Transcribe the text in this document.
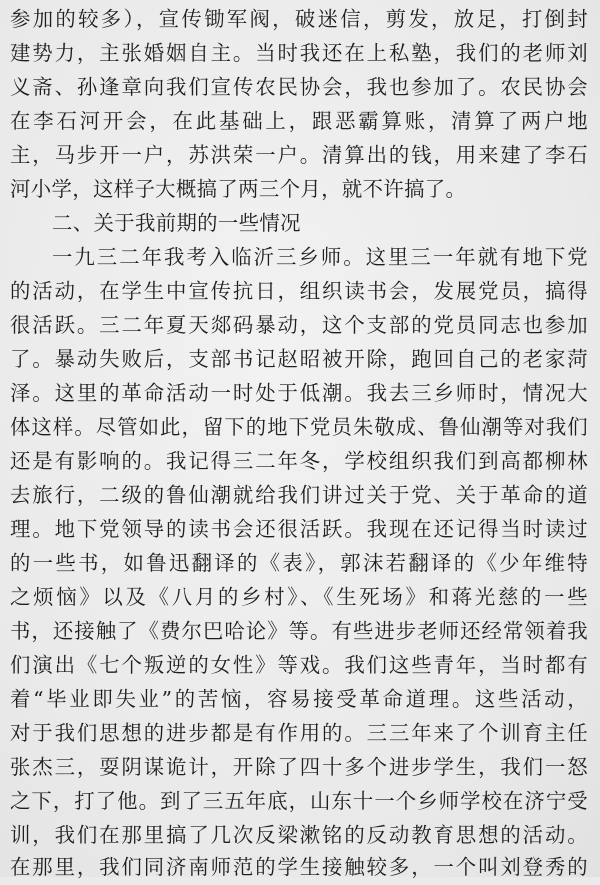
参加的较多），宣传锄军阀，破迷信，剪发，放足，打倒封
建势力，主张婚姻自主。当时我还在上私塾，我们的老师刘
义斋、孙逢章向我们宣传农民协会，我也参加了。农民协会
在李石河开会，在此基础上，跟恶霸算账，清算了两户地
主，马步开一户，苏洪荣一户。清算出的钱，用来建了李石
河小学，这样子大概搞了两三个月，就不许搞了。
二、关于我前期的一些情况
一九三二年我考入临沂三乡师。这里三一年就有地下党
的活动，在学生中宣传抗日，组织读书会，发展党员，搞得
很活跃。三二年夏天郯码暴动，这个支部的党员同志也参加
了。暴动失败后，支部书记赵昭被开除，跑回自己的老家菏
泽。这里的革命活动一时处于低潮。我去三乡师时，情况大
体这样。尽管如此，留下的地下党员朱敬成、鲁仙潮等对我们
还是有影响的。我记得三二年冬，学校组织我们到高都柳林
去旅行，二级的鲁仙潮就给我们讲过关于党、关于革命的道
理。地下党领导的读书会还很活跃。我现在还记得当时读过
的一些书，如鲁迅翻译的《表》，郭沫若翻译的《少年维特
之烦恼》以及《八月的乡村》、《生死场》和蒋光慈的一些
书，还接触了《费尔巴哈论》等。有些进步老师还经常领着我
们演出《七个叛逆的女性》等戏。我们这些青年，当时都有
着“毕业即失业”的苦恼，容易接受革命道理。这些活动，
对于我们思想的进步都是有作用的。三三年来了个训育主任
张杰三，耍阴谋诡计，开除了四十多个进步学生，我们一怒
之下，打了他。到了三五年底，山东十一个乡师学校在济宁受
训，我们在那里搞了几次反梁漱铭的反动教育思想的活动。
在那里，我们同济南师范的学生接触较多，一个叫刘登秀的
